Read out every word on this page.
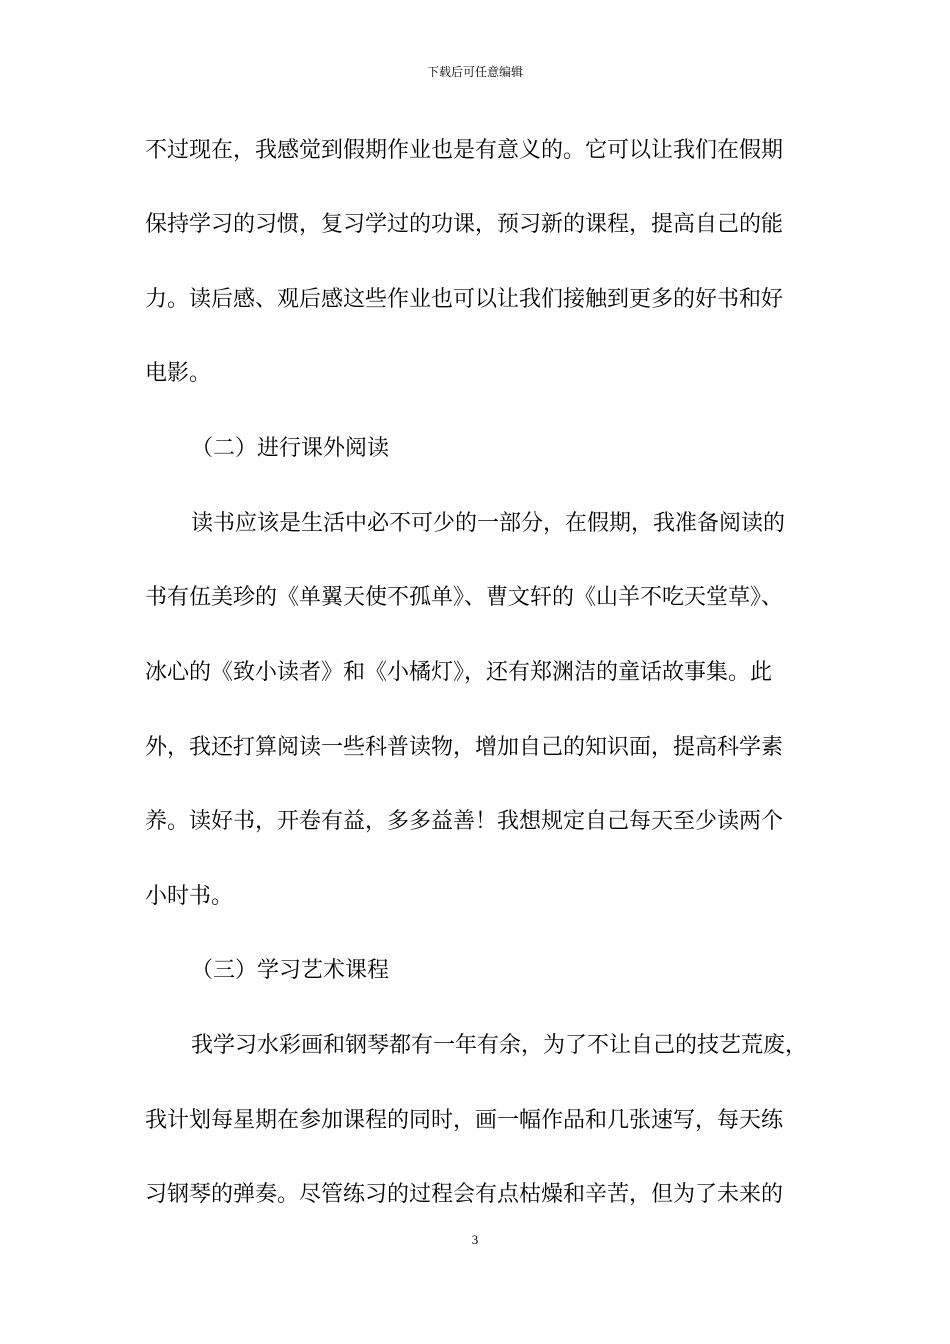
下载后可任意编辑
不过现在，我感觉到假期作业也是有意义的。它可以让我们在假期
保持学习的习惯，复习学过的功课，预习新的课程，提高自己的能
力。读后感、观后感这些作业也可以让我们接触到更多的好书和好
电影。
（二）进行课外阅读
读书应该是生活中必不可少的一部分，在假期，我准备阅读的
书有伍美珍的《单翼天使不孤单》、曹文轩的《山羊不吃天堂草》、
冰心的《致小读者》和《小橘灯》，还有郑渊洁的童话故事集。此
外，我还打算阅读一些科普读物，增加自己的知识面，提高科学素
养。读好书，开卷有益，多多益善！我想规定自己每天至少读两个
小时书。
（三）学习艺术课程
我学习水彩画和钢琴都有一年有余，为了不让自己的技艺荒废，
我计划每星期在参加课程的同时，画一幅作品和几张速写，每天练
习钢琴的弹奏。尽管练习的过程会有点枯燥和辛苦，但为了未来的
3
